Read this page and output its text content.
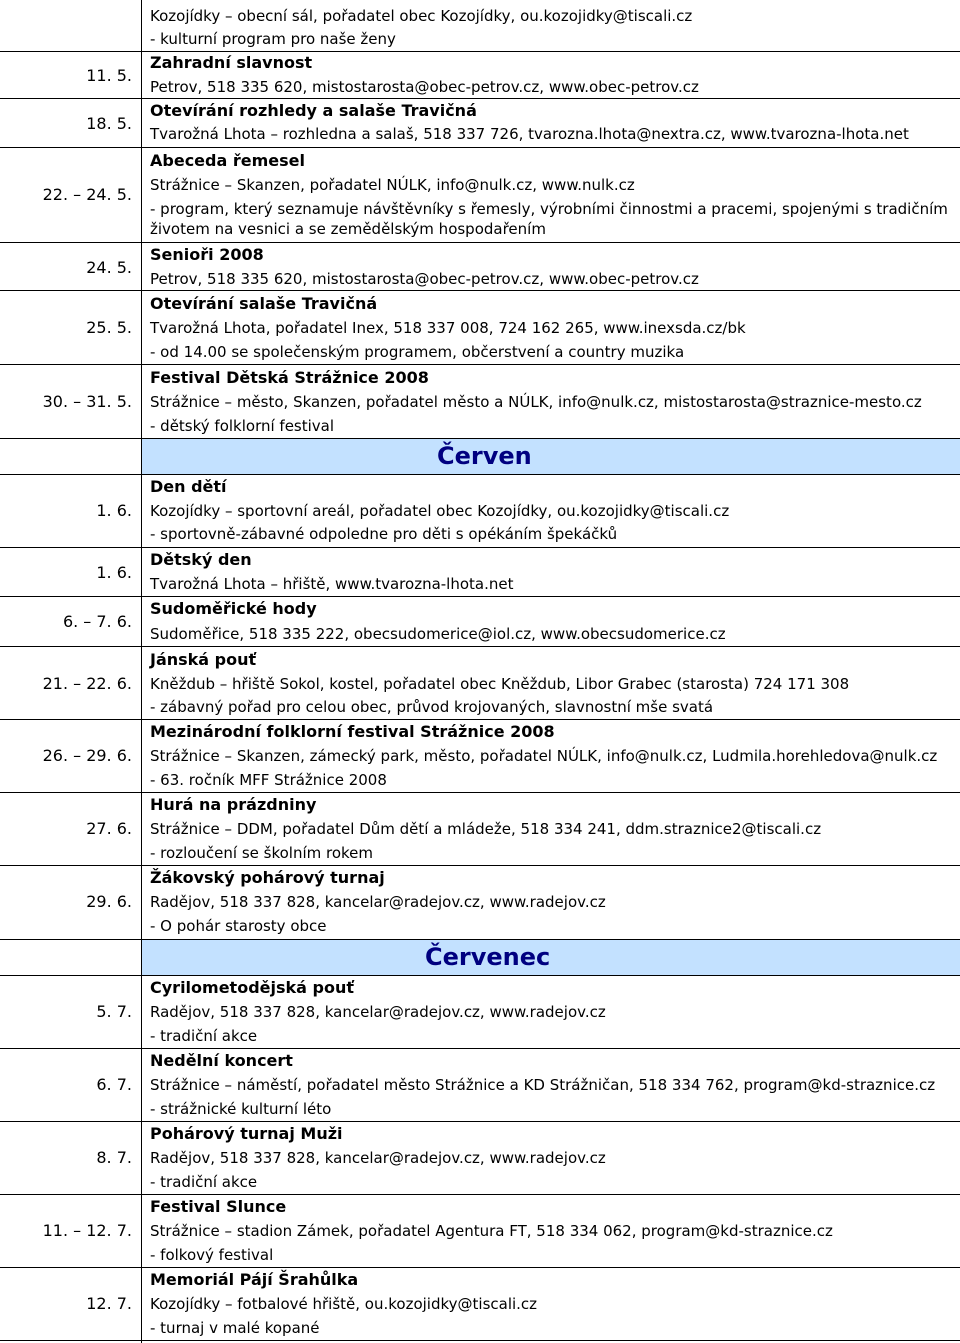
Kozojídky – obecní sál, pořadatel obec Kozojídky, ou.kozojidky@tiscali.cz
- kulturní program pro naše ženy
11. 5.
Zahradní slavnost
Petrov, 518 335 620, mistostarosta@obec-petrov.cz, www.obec-petrov.cz
18. 5.
Otevírání rozhledy a salaše Travičná
Tvarožná Lhota – rozhledna a salaš, 518 337 726, tvarozna.lhota@nextra.cz, www.tvarozna-lhota.net
22. – 24. 5.
Abeceda řemesel
Strážnice – Skanzen, pořadatel NÚLK, info@nulk.cz, www.nulk.cz
- program, který seznamuje návštěvníky s řemesly, výrobními činnostmi a pracemi, spojenými s tradičním
životem na vesnici a se zemědělským hospodařením
24. 5.
Senioři 2008
Petrov, 518 335 620, mistostarosta@obec-petrov.cz, www.obec-petrov.cz
25. 5.
Otevírání salaše Travičná
Tvarožná Lhota, pořadatel Inex, 518 337 008, 724 162 265, www.inexsda.cz/bk
- od 14.00 se společenským programem, občerstvení a country muzika
30. – 31. 5.
Festival Dětská Strážnice 2008
Strážnice – město, Skanzen, pořadatel město a NÚLK, info@nulk.cz, mistostarosta@straznice-mesto.cz
- dětský folklorní festival
Červen
1. 6.
Den dětí
Kozojídky – sportovní areál, pořadatel obec Kozojídky, ou.kozojidky@tiscali.cz
- sportovně-zábavné odpoledne pro děti s opékáním špekáčků
1. 6.
Dětský den
Tvarožná Lhota – hřiště, www.tvarozna-lhota.net
6. – 7. 6.
Sudoměřické hody
Sudoměřice, 518 335 222, obecsudomerice@iol.cz, www.obecsudomerice.cz
21. – 22. 6.
Jánská pouť
Kněždub – hřiště Sokol, kostel, pořadatel obec Kněždub, Libor Grabec (starosta) 724 171 308
- zábavný pořad pro celou obec, průvod krojovaných, slavnostní mše svatá
26. – 29. 6.
Mezinárodní folklorní festival Strážnice 2008
Strážnice – Skanzen, zámecký park, město, pořadatel NÚLK, info@nulk.cz, Ludmila.horehledova@nulk.cz
- 63. ročník MFF Strážnice 2008
27. 6.
Hurá na prázdniny
Strážnice – DDM, pořadatel Dům dětí a mládeže, 518 334 241, ddm.straznice2@tiscali.cz
- rozloučení se školním rokem
29. 6.
Žákovský pohárový turnaj
Radějov, 518 337 828, kancelar@radejov.cz, www.radejov.cz
- O pohár starosty obce
Červenec
5. 7.
Cyrilometodějská pouť
Radějov, 518 337 828, kancelar@radejov.cz, www.radejov.cz
- tradiční akce
6. 7.
Nedělní koncert
Strážnice – náměstí, pořadatel město Strážnice a KD Strážničan, 518 334 762, program@kd-straznice.cz
- strážnické kulturní léto
8. 7.
Pohárový turnaj Muži
Radějov, 518 337 828, kancelar@radejov.cz, www.radejov.cz
- tradiční akce
11. – 12. 7.
Festival Slunce
Strážnice – stadion Zámek, pořadatel Agentura FT, 518 334 062, program@kd-straznice.cz
- folkový festival
12. 7.
Memoriál Pájí Šrahůlka
Kozojídky – fotbalové hřiště, ou.kozojidky@tiscali.cz
- turnaj v malé kopané
